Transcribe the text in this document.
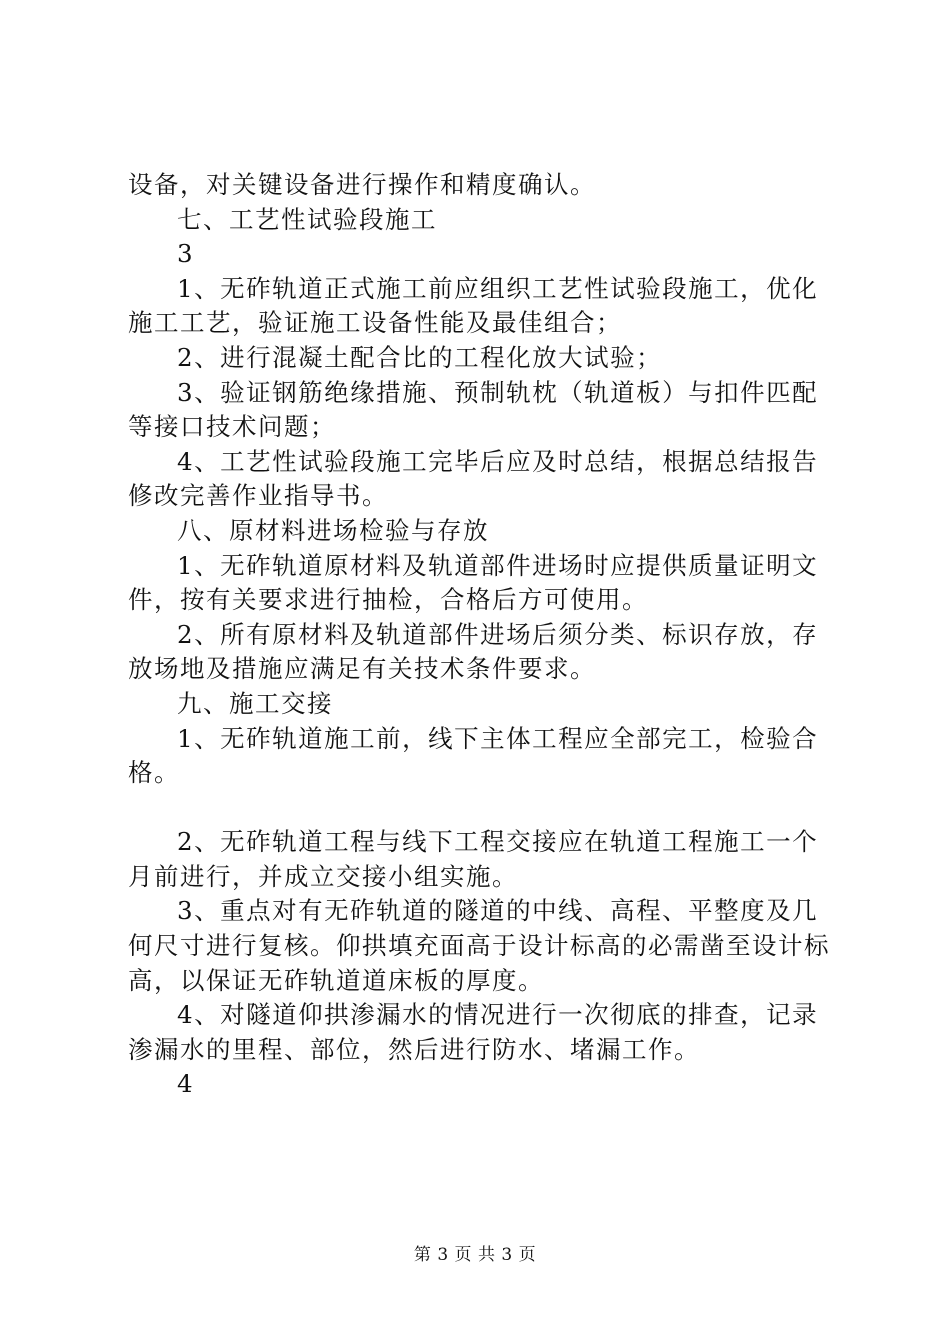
设备，对关键设备进行操作和精度确认。

七、工艺性试验段施工

3

1、无砟轨道正式施工前应组织工艺性试验段施工，优化施工工艺，验证施工设备性能及最佳组合；

2、进行混凝土配合比的工程化放大试验；

3、验证钢筋绝缘措施、预制轨枕（轨道板）与扣件匹配等接口技术问题；

4、工艺性试验段施工完毕后应及时总结，根据总结报告修改完善作业指导书。

八、原材料进场检验与存放

1、无砟轨道原材料及轨道部件进场时应提供质量证明文件，按有关要求进行抽检，合格后方可使用。

2、所有原材料及轨道部件进场后须分类、标识存放，存放场地及措施应满足有关技术条件要求。

九、施工交接

1、无砟轨道施工前，线下主体工程应全部完工，检验合格。

2、无砟轨道工程与线下工程交接应在轨道工程施工一个月前进行，并成立交接小组实施。

3、重点对有无砟轨道的隧道的中线、高程、平整度及几何尺寸进行复核。仰拱填充面高于设计标高的必需凿至设计标高，以保证无砟轨道道床板的厚度。

4、对隧道仰拱渗漏水的情况进行一次彻底的排查，记录渗漏水的里程、部位，然后进行防水、堵漏工作。

4

第 3 页 共 3 页
